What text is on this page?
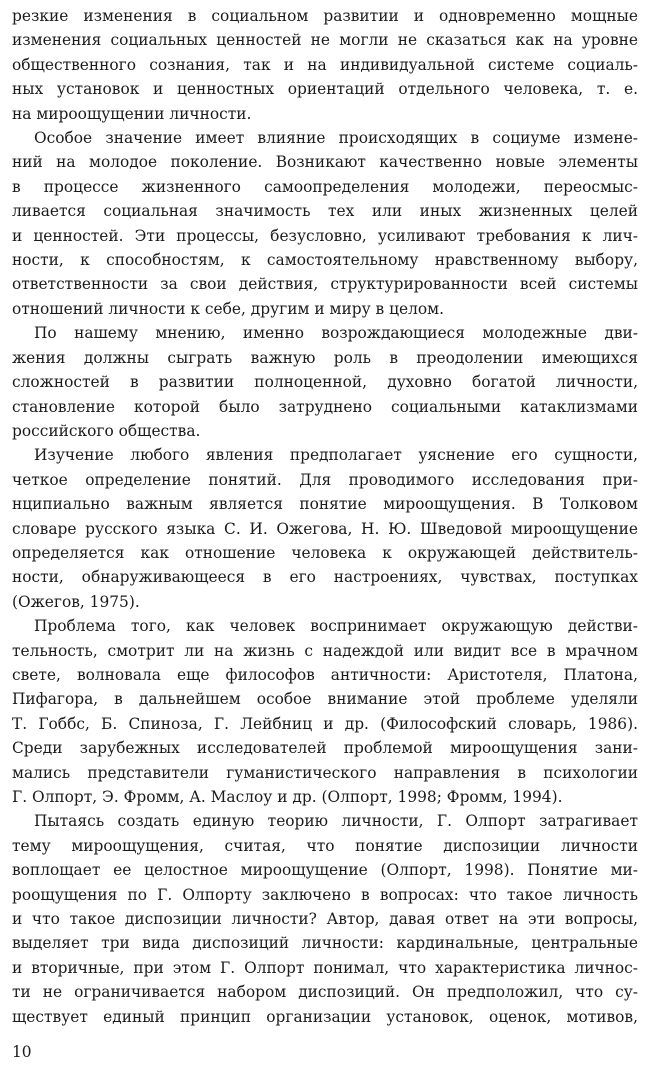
резкие изменения в социальном развитии и одновременно мощные
изменения социальных ценностей не могли не сказаться как на уровне
общественного сознания, так и на индивидуальной системе социаль-
ных установок и ценностных ориентаций отдельного человека, т. е.
на мироощущении личности.
Особое значение имеет влияние происходящих в социуме измене-
ний на молодое поколение. Возникают качественно новые элементы
в процессе жизненного самоопределения молодежи, переосмыс-
ливается социальная значимость тех или иных жизненных целей
и ценностей. Эти процессы, безусловно, усиливают требования к лич-
ности, к способностям, к самостоятельному нравственному выбору,
ответственности за свои действия, структурированности всей системы
отношений личности к себе, другим и миру в целом.
По нашему мнению, именно возрождающиеся молодежные дви-
жения должны сыграть важную роль в преодолении имеющихся
сложностей в развитии полноценной, духовно богатой личности,
становление которой было затруднено социальными катаклизмами
российского общества.
Изучение любого явления предполагает уяснение его сущности,
четкое определение понятий. Для проводимого исследования при-
нципиально важным является понятие мироощущения. В Толковом
словаре русского языка С. И. Ожегова, Н. Ю. Шведовой мироощущение
определяется как отношение человека к окружающей действитель-
ности, обнаруживающееся в его настроениях, чувствах, поступках
(Ожегов, 1975).
Проблема того, как человек воспринимает окружающую действи-
тельность, смотрит ли на жизнь с надеждой или видит все в мрачном
свете, волновала еще философов античности: Аристотеля, Платона,
Пифагора, в дальнейшем особое внимание этой проблеме уделяли
Т. Гоббс, Б. Спиноза, Г. Лейбниц и др. (Философский словарь, 1986).
Среди зарубежных исследователей проблемой мироощущения зани-
мались представители гуманистического направления в психологии
Г. Олпорт, Э. Фромм, А. Маслоу и др. (Олпорт, 1998; Фромм, 1994).
Пытаясь создать единую теорию личности, Г. Олпорт затрагивает
тему мироощущения, считая, что понятие диспозиции личности
воплощает ее целостное мироощущение (Олпорт, 1998). Понятие ми-
роощущения по Г. Олпорту заключено в вопросах: что такое личность
и что такое диспозиции личности? Автор, давая ответ на эти вопросы,
выделяет три вида диспозиций личности: кардинальные, центральные
и вторичные, при этом Г. Олпорт понимал, что характеристика личнос-
ти не ограничивается набором диспозиций. Он предположил, что су-
ществует единый принцип организации установок, оценок, мотивов,
10
